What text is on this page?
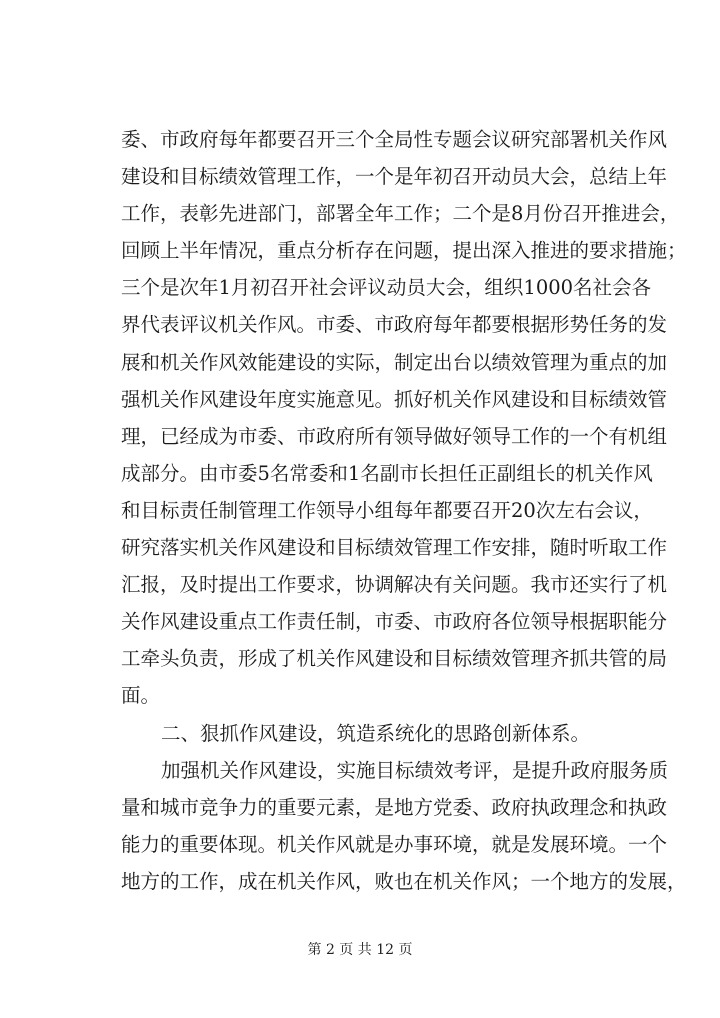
委、市政府每年都要召开三个全局性专题会议研究部署机关作风
建设和目标绩效管理工作，一个是年初召开动员大会，总结上年
工作，表彰先进部门，部署全年工作；二个是8月份召开推进会，
回顾上半年情况，重点分析存在问题，提出深入推进的要求措施；
三个是次年1月初召开社会评议动员大会，组织1000名社会各
界代表评议机关作风。市委、市政府每年都要根据形势任务的发
展和机关作风效能建设的实际，制定出台以绩效管理为重点的加
强机关作风建设年度实施意见。抓好机关作风建设和目标绩效管
理，已经成为市委、市政府所有领导做好领导工作的一个有机组
成部分。由市委5名常委和1名副市长担任正副组长的机关作风
和目标责任制管理工作领导小组每年都要召开20次左右会议，
研究落实机关作风建设和目标绩效管理工作安排，随时听取工作
汇报，及时提出工作要求，协调解决有关问题。我市还实行了机
关作风建设重点工作责任制，市委、市政府各位领导根据职能分
工牵头负责，形成了机关作风建设和目标绩效管理齐抓共管的局
面。
二、狠抓作风建设，筑造系统化的思路创新体系。
加强机关作风建设，实施目标绩效考评，是提升政府服务质
量和城市竞争力的重要元素，是地方党委、政府执政理念和执政
能力的重要体现。机关作风就是办事环境，就是发展环境。一个
地方的工作，成在机关作风，败也在机关作风；一个地方的发展，
第 2 页 共 12 页
